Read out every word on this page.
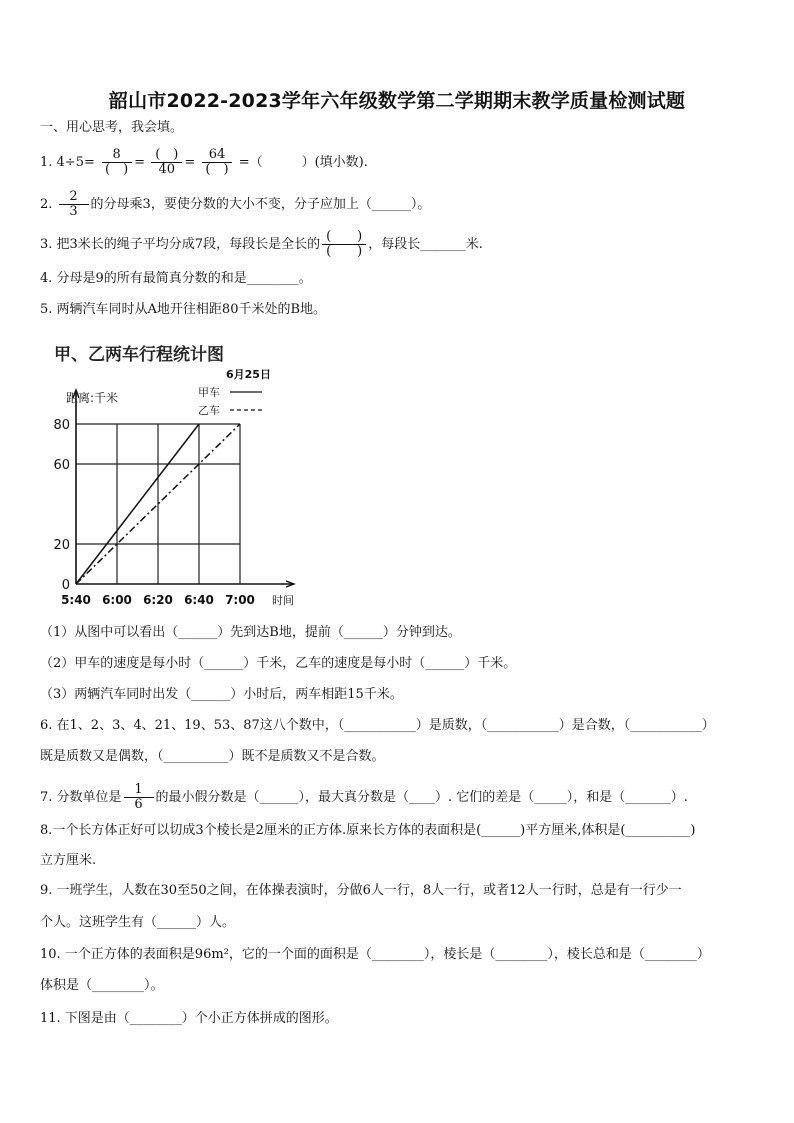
韶山市2022-2023学年六年级数学第二学期期末教学质量检测试题
一、用心思考，我会填。
1. $4\div 5= \frac{8}{( )} = \frac{( )}{40} = \frac{64}{( )}$ =（　　　）(填小数).
2. $\frac{2}{3}$ 的分母乘3，要使分数的大小不变，分子应加上（______）。
3. 把3米长的绳子平均分成7段，每段长是全长的 $\frac{( )}{( )}$ ，每段长_______米.
4. 分母是9的所有最简真分数的和是________。
5. 两辆汽车同时从A地开往相距80千米处的B地。
甲、乙两车行程统计图
0
20
60
80
5:40 6:00 6:20 6:40 7:00 时间
距离:千米
6月25日
甲车
乙车
（1）从图中可以看出（______）先到达B地，提前（______）分钟到达。
（2）甲车的速度是每小时（______）千米，乙车的速度是每小时（______）千米。
（3）两辆汽车同时出发（______）小时后，两车相距15千米。
6. 在1、2、3、4、21、19、53、87这八个数中，（___________）是质数，（___________）是合数，（___________）
既是质数又是偶数，（__________）既不是质数又不是合数。
7. 分数单位是 $\frac{1}{6}$ 的最小假分数是（______），最大真分数是（____）. 它们的差是（_____），和是（_______）.
8.一个长方体正好可以切成3个棱长是2厘米的正方体.原来长方体的表面积是(______)平方厘米,体积是(__________)
立方厘米.
9. 一班学生，人数在30至50之间，在体操表演时，分做6人一行，8人一行，或者12人一行时，总是有一行少一
个人。这班学生有（______）人。
10. 一个正方体的表面积是96m²，它的一个面的面积是（________），棱长是（________），棱长总和是（________）
体积是（________）。
11. 下图是由（________）个小正方体拼成的图形。
